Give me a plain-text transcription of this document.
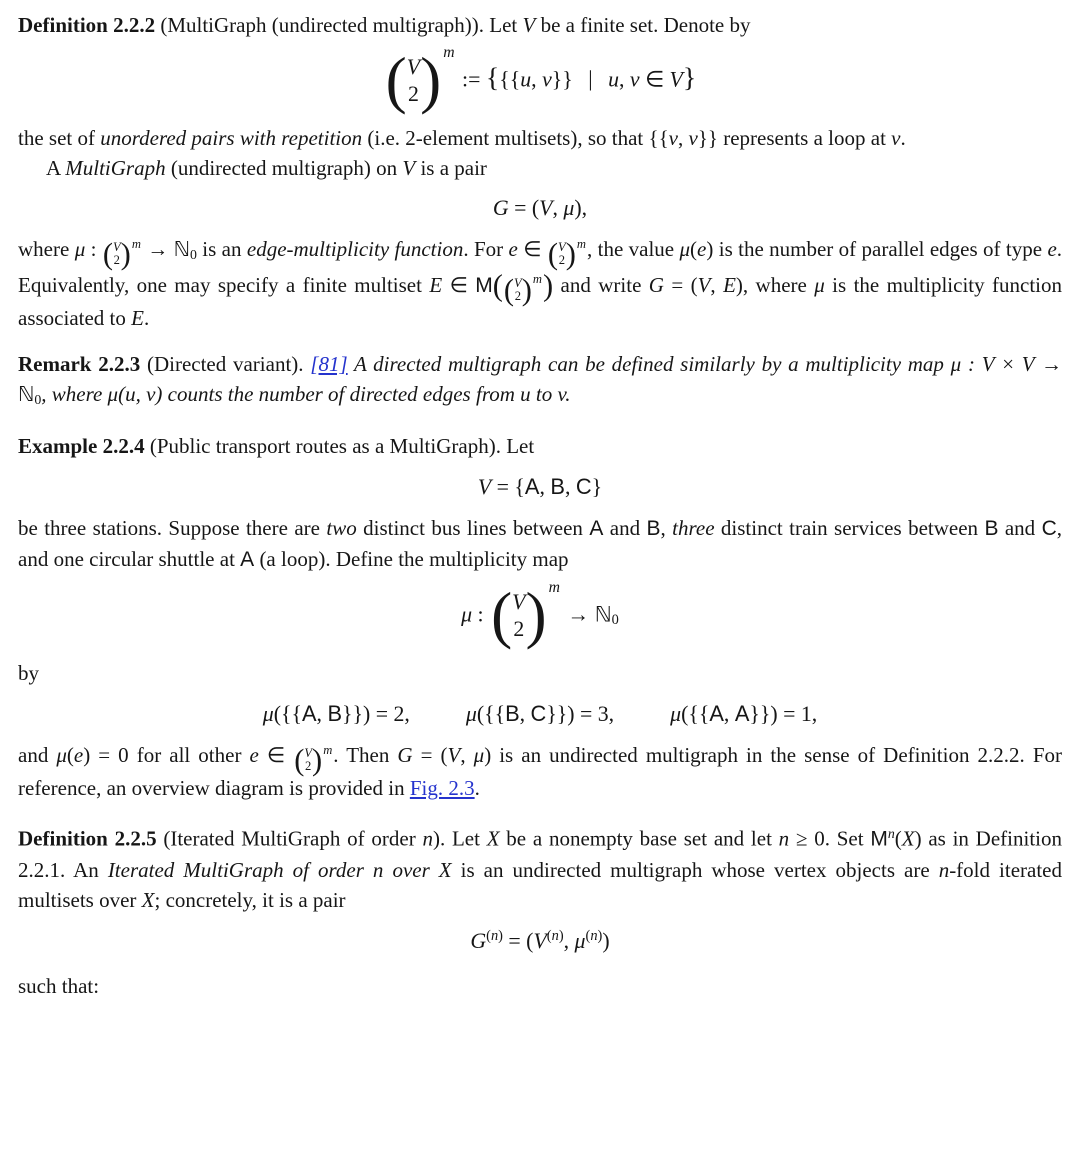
Definition 2.2.2 (MultiGraph (undirected multigraph)). Let V be a finite set. Denote by

( V
2 ) m
:= {{{u, v}} | u, v ∈ V}

the set of unordered pairs with repetition (i.e. 2-element multisets), so that {{v, v}} represents a loop at v.

A MultiGraph (undirected multigraph) on V is a pair

G = (V, μ),

where μ : ( V
2 ) m → ℕ0 is an edge-multiplicity function. For e ∈ ( V
2 ) m , the value μ(e) is the number of parallel edges of type e. Equivalently, one may specify a finite multiset E ∈ M( ( V
2 ) m ) and write G = (V, E), where μ is the multiplicity function associated to E.

Remark 2.2.3 (Directed variant). [81] A directed multigraph can be defined similarly by a multiplicity map μ : V × V → ℕ0, where μ(u, v) counts the number of directed edges from u to v.

Example 2.2.4 (Public transport routes as a MultiGraph). Let

V = {A, B, C}

be three stations. Suppose there are two distinct bus lines between A and B, three distinct train services between B and C, and one circular shuttle at A (a loop). Define the multiplicity map

μ : ( V
2 ) m
→ ℕ$_0$

by

μ({{A, B}}) = 2,	μ({{B, C}}) = 3,	μ({{A, A}}) = 1,

and μ(e) = 0 for all other e ∈ ( V
2 ) m . Then G = (V, μ) is an undirected multigraph in the sense of Definition 2.2.2. For reference, an overview diagram is provided in Fig. 2.3.

Definition 2.2.5 (Iterated MultiGraph of order n). Let X be a nonempty base set and let n ≥ 0. Set $M^n(X)$ as in Definition 2.2.1. An Iterated MultiGraph of order n over X is an undirected multigraph whose vertex objects are n-fold iterated multisets over X; concretely, it is a pair

$G^{(n)} = (V^{(n)}$, $\mu^{(n)}$)

such that:
